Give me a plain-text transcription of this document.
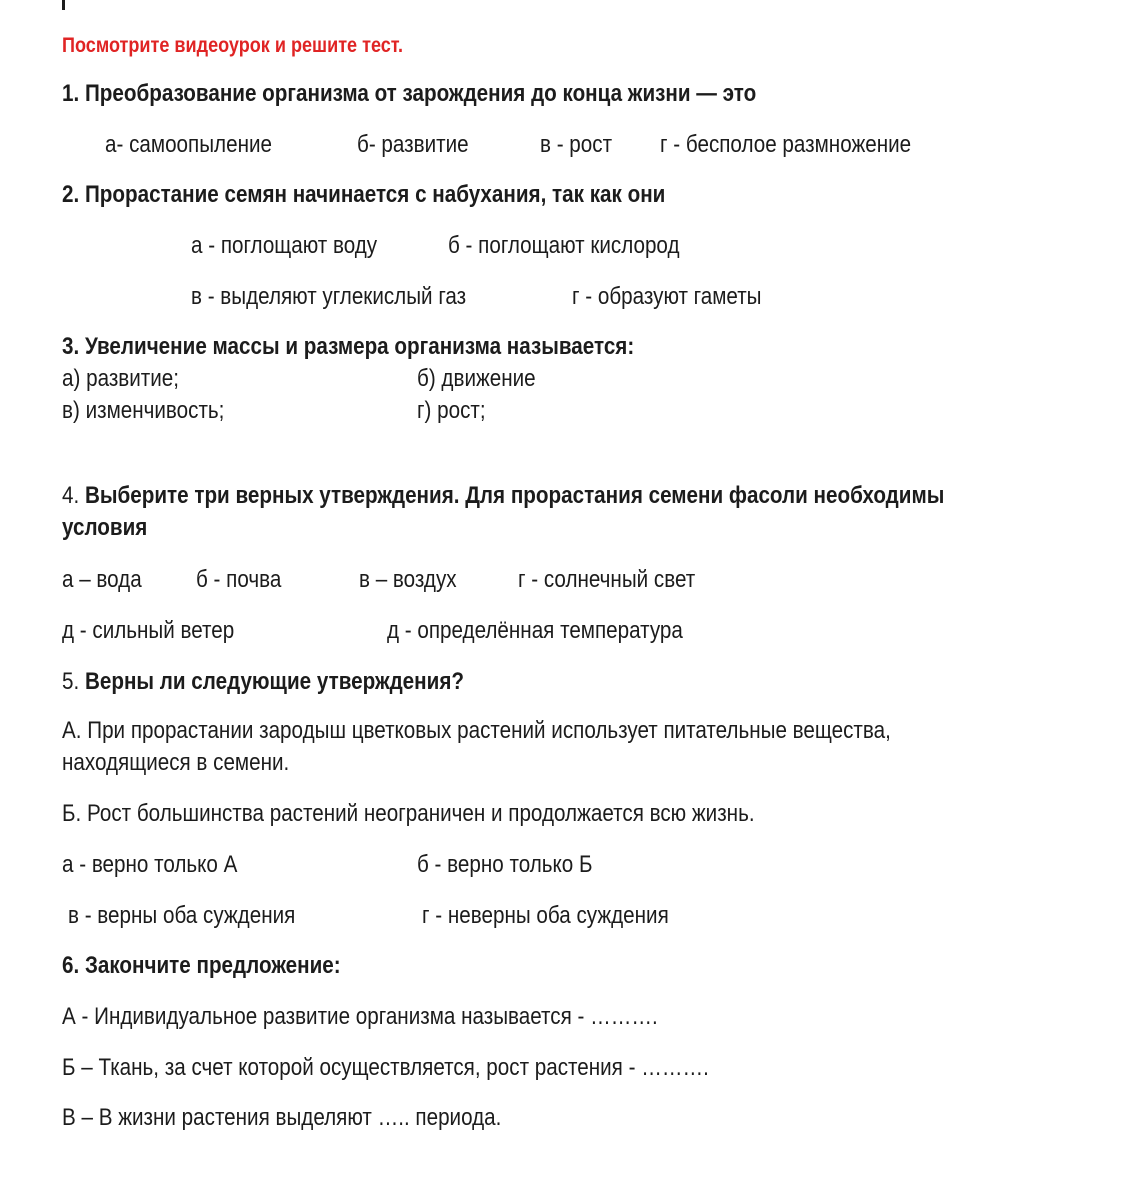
Посмотрите видеоурок и решите тест.
1. Преобразование организма от зарождения до конца жизни — это
а- самоопыление	б- развитие	в - рост г - бесполое размножение
2. Прорастание семян начинается с набухания, так как они
а - поглощают воду	б - поглощают кислород
в - выделяют углекислый газ	г - образуют гаметы
3. Увеличение массы и размера организма называется:
а) развитие;	б) движение
в) изменчивость;	г) рост;
4. Выберите три верных утверждения. Для прорастания семени фасоли необходимы
условия
а – вода б - почва	в – воздух	г - солнечный свет
д - сильный ветер	д - определённая температура
5. Верны ли следующие утверждения?
А. При прорастании зародыш цветковых растений использует питательные вещества,
находящиеся в семени.
Б. Рост большинства растений неограничен и продолжается всю жизнь.
а - верно только А	б - верно только Б
в - верны оба суждения	г - неверны оба суждения
6. Закончите предложение:
А - Индивидуальное развитие организма называется - ……….
Б – Ткань, за счет которой осуществляется, рост растения - ……….
В – В жизни растения выделяют ….. периода.
